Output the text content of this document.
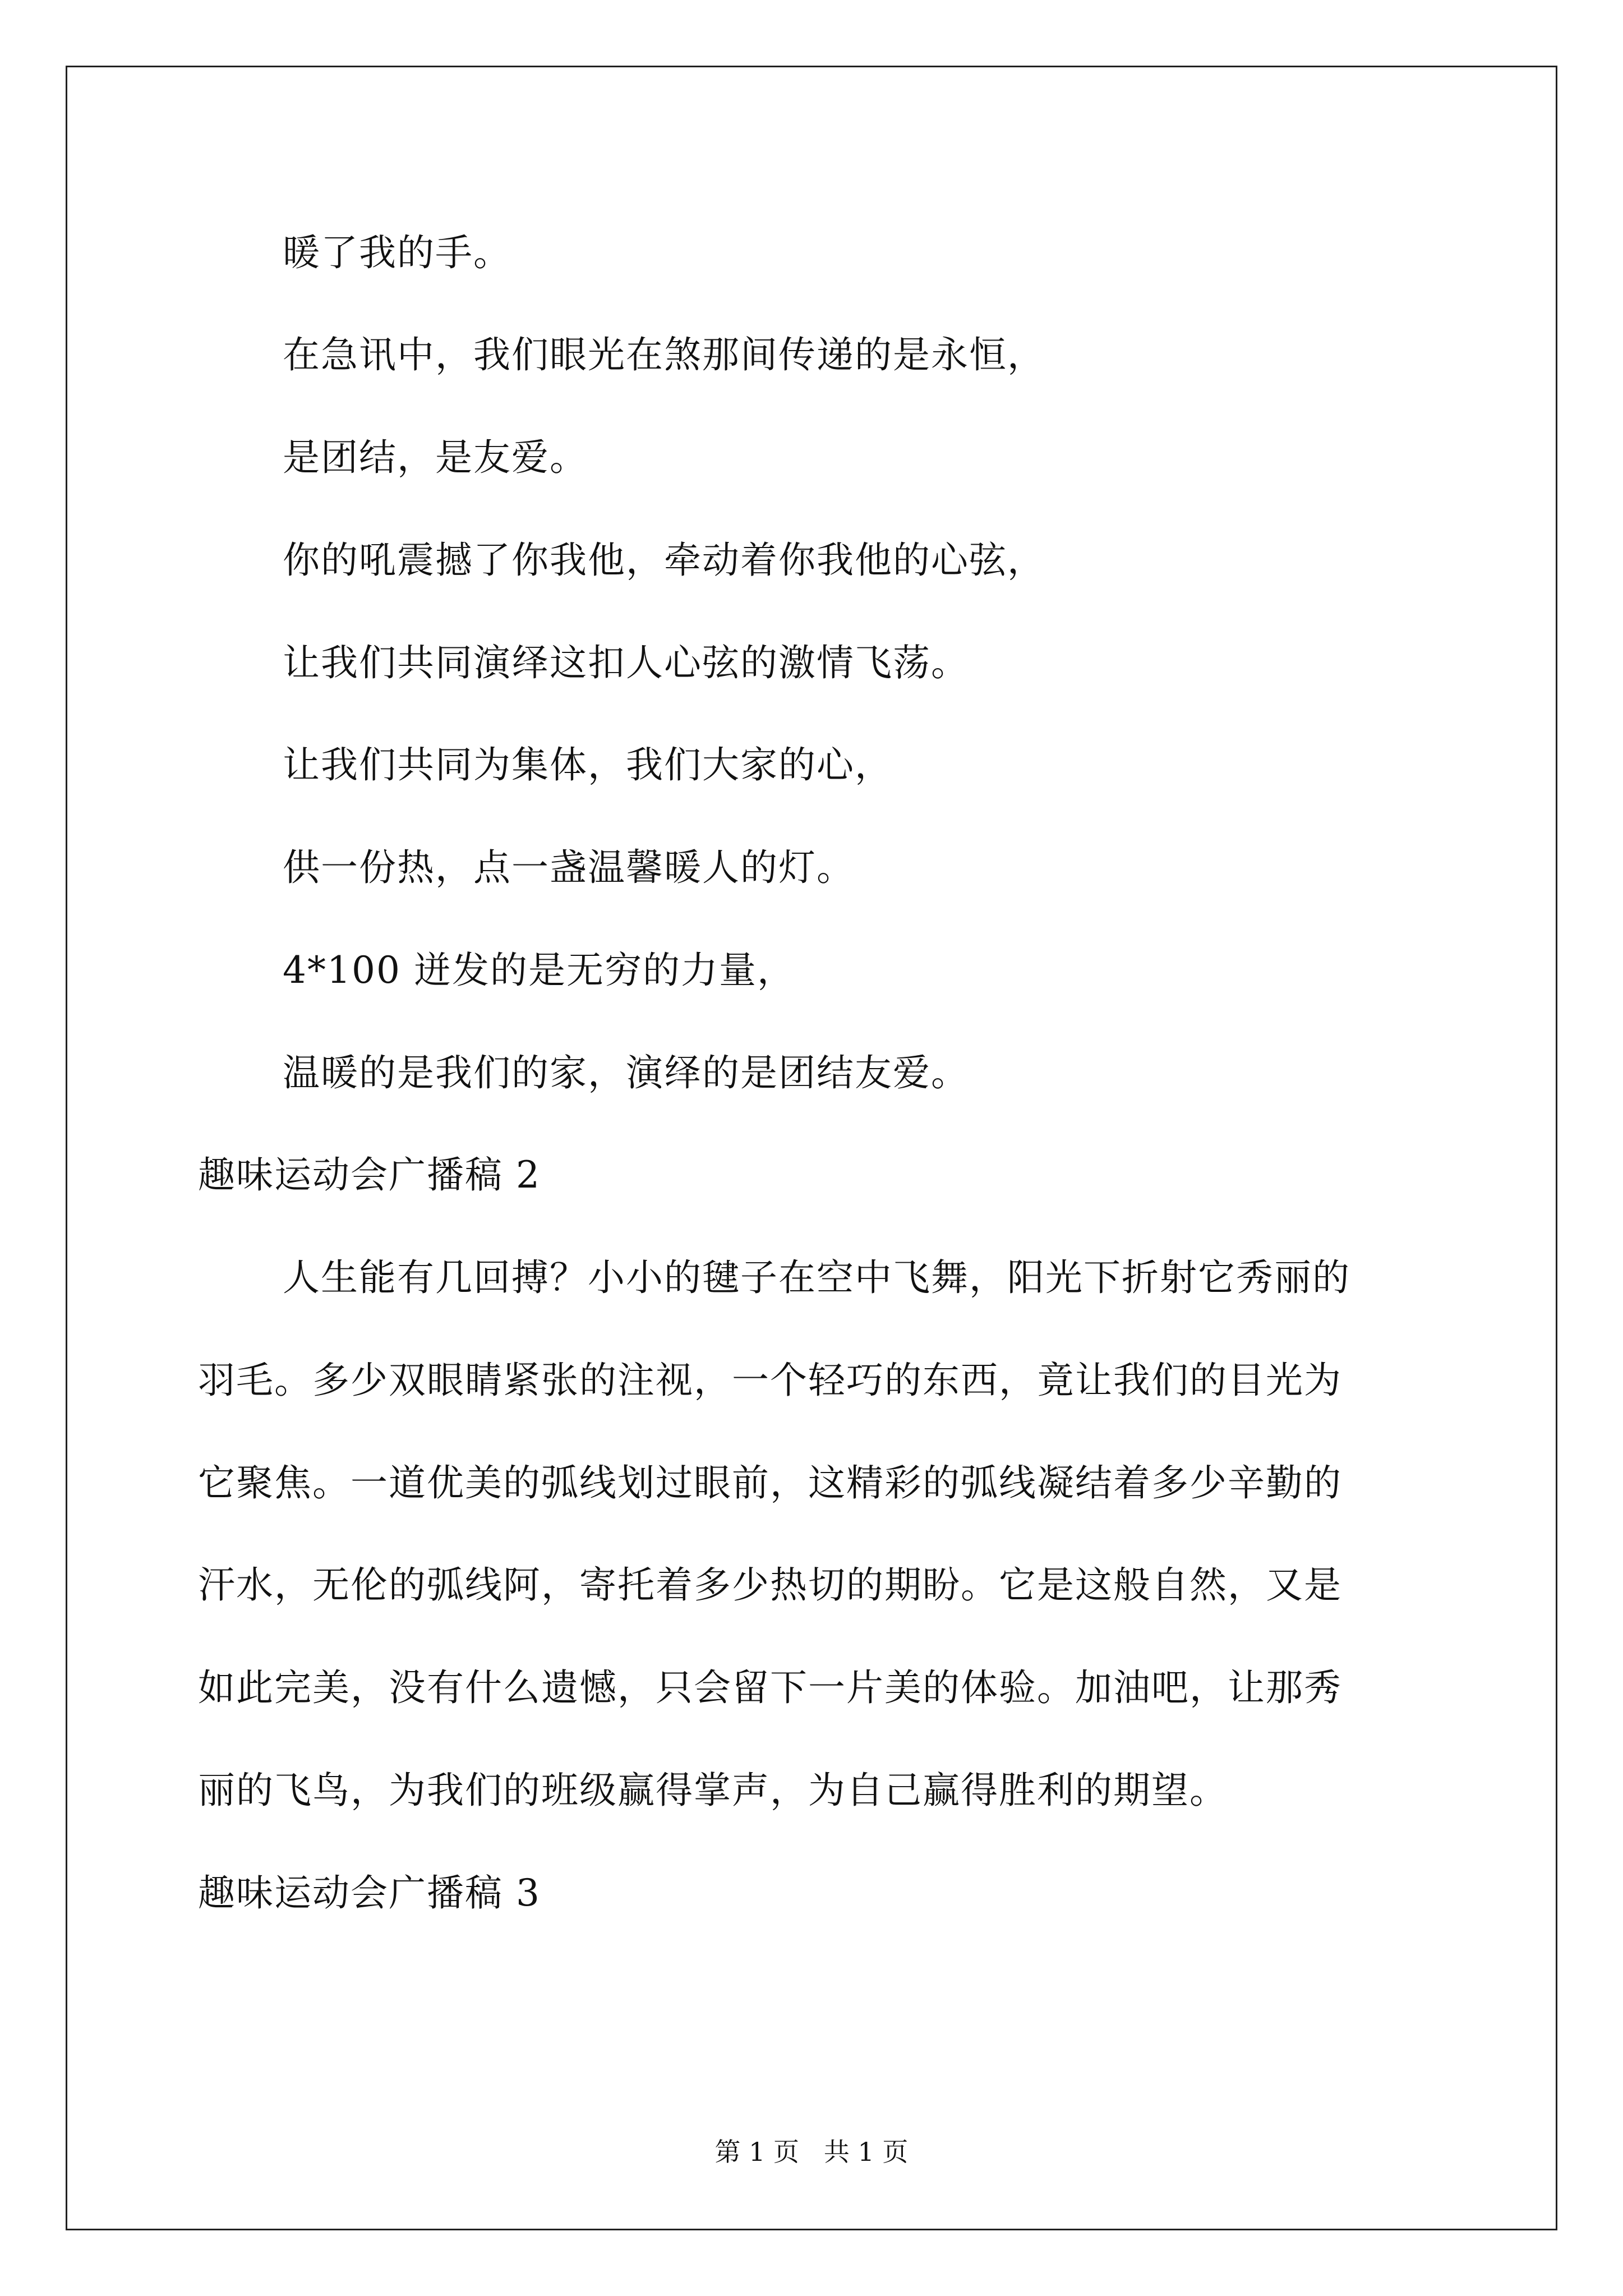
暖了我的手。
在急讯中，我们眼光在煞那间传递的是永恒，
是团结，是友爱。
你的吼震撼了你我他，牵动着你我他的心弦，
让我们共同演绎这扣人心弦的激情飞荡。
让我们共同为集体，我们大家的心，
供一份热，点一盏温馨暖人的灯。
4*100 迸发的是无穷的力量，
温暖的是我们的家，演绎的是团结友爱。
趣味运动会广播稿 2
人生能有几回搏？小小的毽子在空中飞舞，阳光下折射它秀丽的
羽毛。多少双眼睛紧张的注视，一个轻巧的东西，竟让我们的目光为
它聚焦。一道优美的弧线划过眼前，这精彩的弧线凝结着多少辛勤的
汗水，无伦的弧线阿，寄托着多少热切的期盼。它是这般自然，又是
如此完美，没有什么遗憾，只会留下一片美的体验。加油吧，让那秀
丽的飞鸟，为我们的班级赢得掌声，为自己赢得胜利的期望。
趣味运动会广播稿 3
第 1 页   共 1 页
